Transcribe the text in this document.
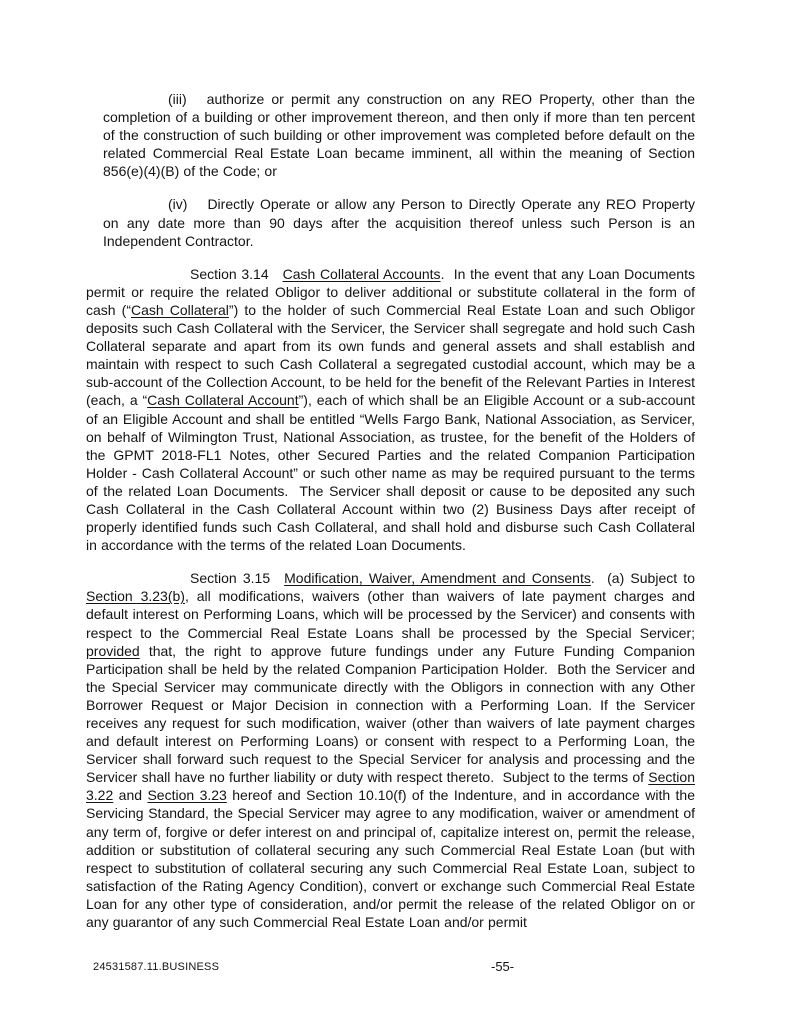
(iii) authorize or permit any construction on any REO Property, other than the completion of a building or other improvement thereon, and then only if more than ten percent of the construction of such building or other improvement was completed before default on the related Commercial Real Estate Loan became imminent, all within the meaning of Section 856(e)(4)(B) of the Code; or

(iv) Directly Operate or allow any Person to Directly Operate any REO Property on any date more than 90 days after the acquisition thereof unless such Person is an Independent Contractor.

Section 3.14 Cash Collateral Accounts.  In the event that any Loan Documents permit or require the related Obligor to deliver additional or substitute collateral in the form of cash (“Cash Collateral”) to the holder of such Commercial Real Estate Loan and such Obligor deposits such Cash Collateral with the Servicer, the Servicer shall segregate and hold such Cash Collateral separate and apart from its own funds and general assets and shall establish and maintain with respect to such Cash Collateral a segregated custodial account, which may be a sub-account of the Collection Account, to be held for the benefit of the Relevant Parties in Interest (each, a “Cash Collateral Account”), each of which shall be an Eligible Account or a sub-account of an Eligible Account and shall be entitled “Wells Fargo Bank, National Association, as Servicer, on behalf of Wilmington Trust, National Association, as trustee, for the benefit of the Holders of the GPMT 2018-FL1 Notes, other Secured Parties and the related Companion Participation Holder - Cash Collateral Account” or such other name as may be required pursuant to the terms of the related Loan Documents.  The Servicer shall deposit or cause to be deposited any such Cash Collateral in the Cash Collateral Account within two (2) Business Days after receipt of properly identified funds such Cash Collateral, and shall hold and disburse such Cash Collateral in accordance with the terms of the related Loan Documents.

Section 3.15 Modification, Waiver, Amendment and Consents.  (a) Subject to Section 3.23(b), all modifications, waivers (other than waivers of late payment charges and default interest on Performing Loans, which will be processed by the Servicer) and consents with respect to the Commercial Real Estate Loans shall be processed by the Special Servicer; provided that, the right to approve future fundings under any Future Funding Companion Participation shall be held by the related Companion Participation Holder.  Both the Servicer and the Special Servicer may communicate directly with the Obligors in connection with any Other Borrower Request or Major Decision in connection with a Performing Loan. If the Servicer receives any request for such modification, waiver (other than waivers of late payment charges and default interest on Performing Loans) or consent with respect to a Performing Loan, the Servicer shall forward such request to the Special Servicer for analysis and processing and the Servicer shall have no further liability or duty with respect thereto.  Subject to the terms of Section 3.22 and Section 3.23 hereof and Section 10.10(f) of the Indenture, and in accordance with the Servicing Standard, the Special Servicer may agree to any modification, waiver or amendment of any term of, forgive or defer interest on and principal of, capitalize interest on, permit the release, addition or substitution of collateral securing any such Commercial Real Estate Loan (but with respect to substitution of collateral securing any such Commercial Real Estate Loan, subject to satisfaction of the Rating Agency Condition), convert or exchange such Commercial Real Estate Loan for any other type of consideration, and/or permit the release of the related Obligor on or any guarantor of any such Commercial Real Estate Loan and/or permit

24531587.11.BUSINESS	-55-
